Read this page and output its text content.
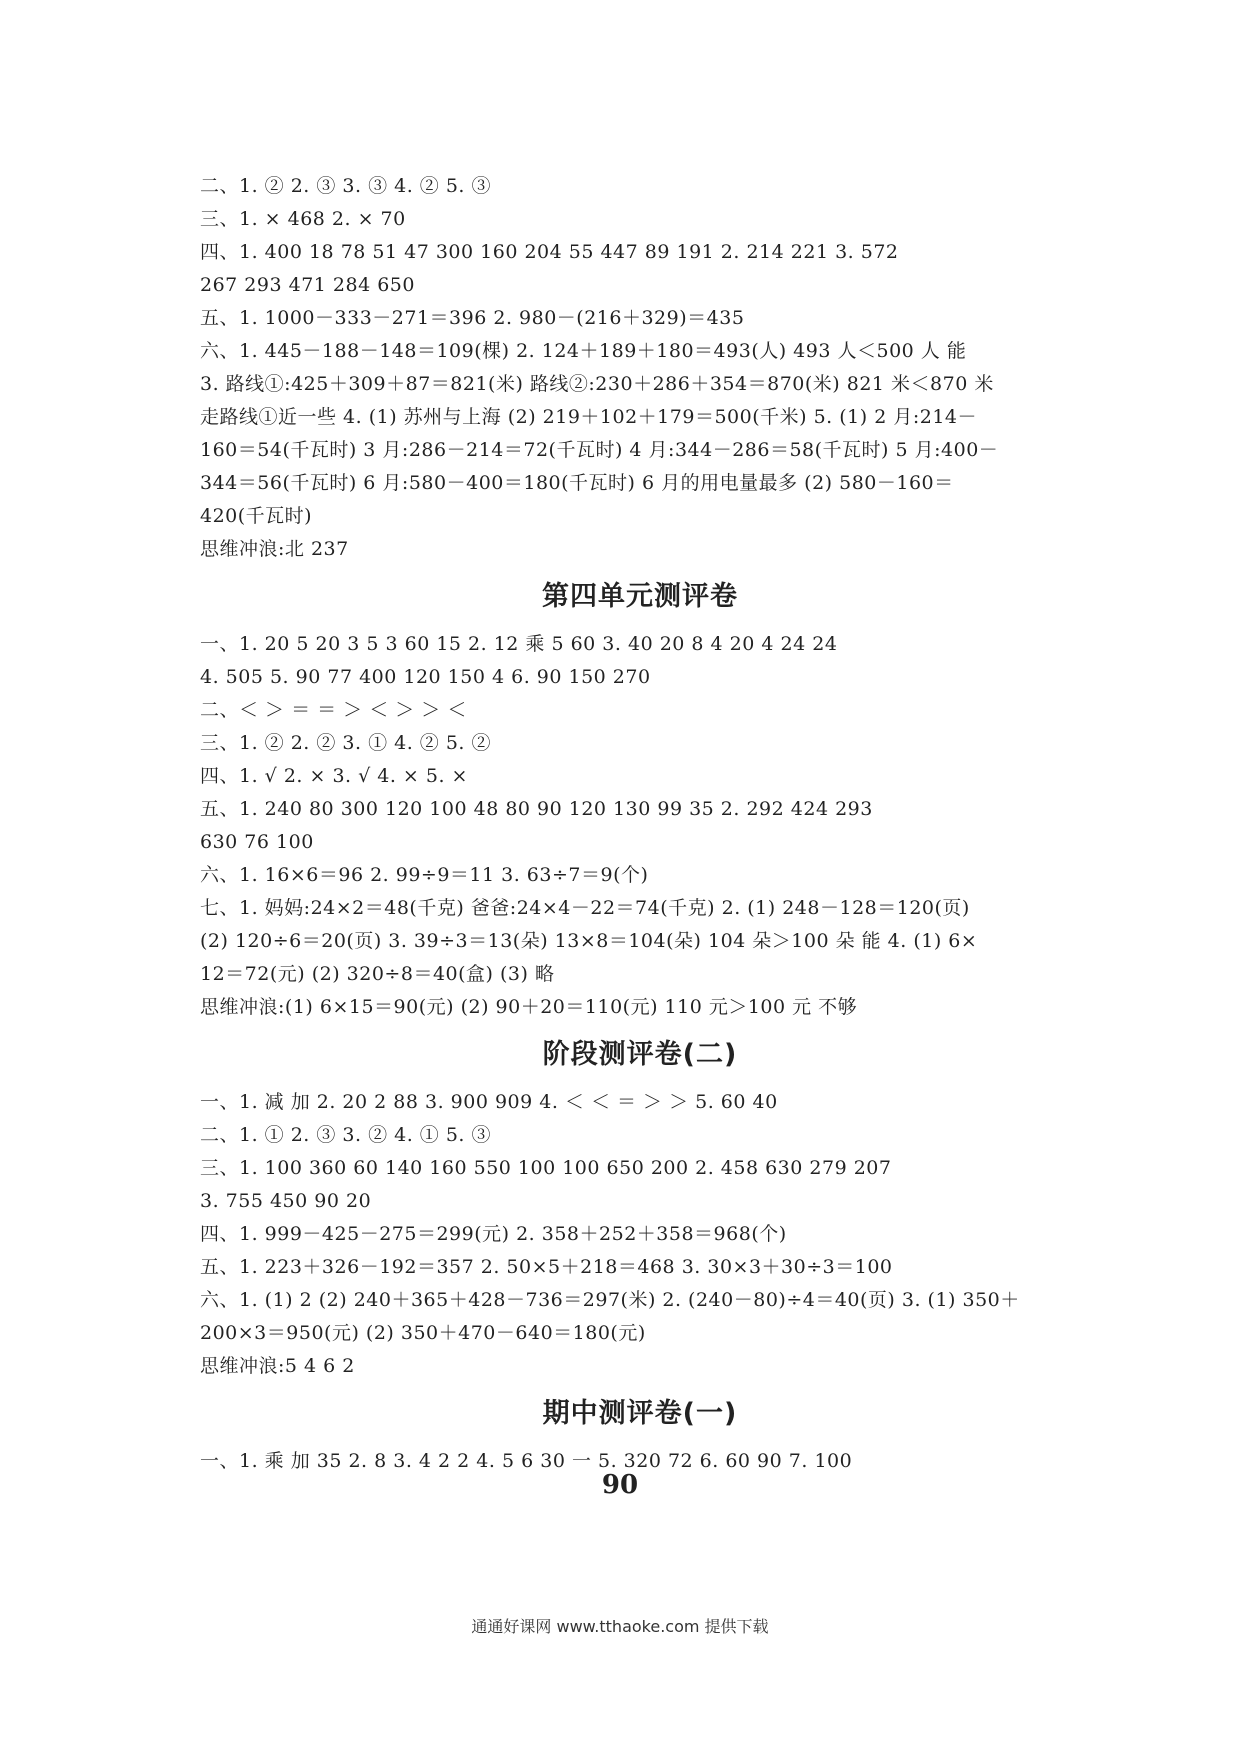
二、1. ② 2. ③ 3. ③ 4. ② 5. ③
三、1. × 468 2. × 70
四、1. 400 18 78 51 47 300 160 204 55 447 89 191 2. 214 221 3. 572
267 293 471 284 650
五、1. 1000－333－271＝396 2. 980－(216＋329)＝435
六、1. 445－188－148＝109(棵) 2. 124＋189＋180＝493(人) 493 人＜500 人 能
3. 路线①:425＋309＋87＝821(米) 路线②:230＋286＋354＝870(米) 821 米＜870 米
走路线①近一些 4. (1) 苏州与上海 (2) 219＋102＋179＝500(千米) 5. (1) 2 月:214－
160＝54(千瓦时) 3 月:286－214＝72(千瓦时) 4 月:344－286＝58(千瓦时) 5 月:400－
344＝56(千瓦时) 6 月:580－400＝180(千瓦时) 6 月的用电量最多 (2) 580－160＝
420(千瓦时)
思维冲浪:北 237
第四单元测评卷
一、1. 20 5 20 3 5 3 60 15 2. 12 乘 5 60 3. 40 20 8 4 20 4 24 24
4. 505 5. 90 77 400 120 150 4 6. 90 150 270
二、＜ ＞ ＝ ＝ ＞ ＜ ＞ ＞ ＜
三、1. ② 2. ② 3. ① 4. ② 5. ②
四、1. √ 2. × 3. √ 4. × 5. ×
五、1. 240 80 300 120 100 48 80 90 120 130 99 35 2. 292 424 293
630 76 100
六、1. 16×6＝96 2. 99÷9＝11 3. 63÷7＝9(个)
七、1. 妈妈:24×2＝48(千克) 爸爸:24×4－22＝74(千克) 2. (1) 248－128＝120(页)
(2) 120÷6＝20(页) 3. 39÷3＝13(朵) 13×8＝104(朵) 104 朵＞100 朵 能 4. (1) 6×
12＝72(元) (2) 320÷8＝40(盒) (3) 略
思维冲浪:(1) 6×15＝90(元) (2) 90＋20＝110(元) 110 元＞100 元 不够
阶段测评卷(二)
一、1. 减 加 2. 20 2 88 3. 900 909 4. ＜ ＜ ＝ ＞ ＞ 5. 60 40
二、1. ① 2. ③ 3. ② 4. ① 5. ③
三、1. 100 360 60 140 160 550 100 100 650 200 2. 458 630 279 207
3. 755 450 90 20
四、1. 999－425－275＝299(元) 2. 358＋252＋358＝968(个)
五、1. 223＋326－192＝357 2. 50×5＋218＝468 3. 30×3＋30÷3＝100
六、1. (1) 2 (2) 240＋365＋428－736＝297(米) 2. (240－80)÷4＝40(页) 3. (1) 350＋
200×3＝950(元) (2) 350＋470－640＝180(元)
思维冲浪:5 4 6 2
期中测评卷(一)
一、1. 乘 加 35 2. 8 3. 4 2 2 4. 5 6 30 一 5. 320 72 6. 60 90 7. 100
90
通通好课网 www.tthaoke.com 提供下载
